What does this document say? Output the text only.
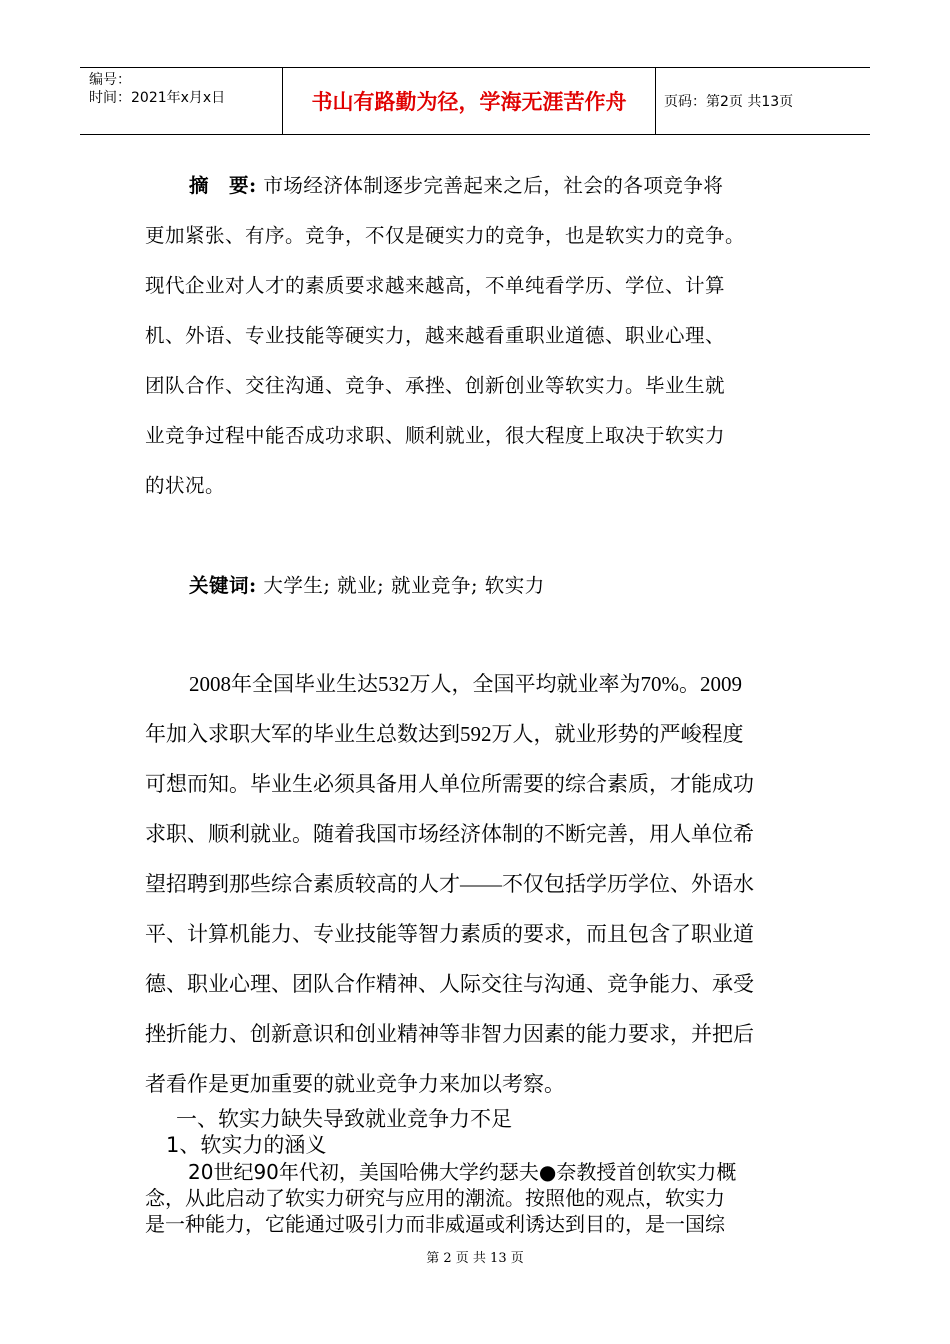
编号：
时间：2021年x月x日	书山有路勤为径，学海无涯苦作舟	页码：第2页 共13页
摘　要: 市场经济体制逐步完善起来之后，社会的各项竞争将
更加紧张、有序。竞争，不仅是硬实力的竞争，也是软实力的竞争。
现代企业对人才的素质要求越来越高，不单纯看学历、学位、计算
机、外语、专业技能等硬实力，越来越看重职业道德、职业心理、
团队合作、交往沟通、竞争、承挫、创新创业等软实力。毕业生就
业竞争过程中能否成功求职、顺利就业，很大程度上取决于软实力
的状况。
关键词: 大学生; 就业; 就业竞争; 软实力
2008年全国毕业生达532万人，全国平均就业率为70%。2009
年加入求职大军的毕业生总数达到592万人，就业形势的严峻程度
可想而知。毕业生必须具备用人单位所需要的综合素质，才能成功
求职、顺利就业。随着我国市场经济体制的不断完善，用人单位希
望招聘到那些综合素质较高的人才——不仅包括学历学位、外语水
平、计算机能力、专业技能等智力素质的要求，而且包含了职业道
德、职业心理、团队合作精神、人际交往与沟通、竞争能力、承受
挫折能力、创新意识和创业精神等非智力因素的能力要求，并把后
者看作是更加重要的就业竞争力来加以考察。
一、软实力缺失导致就业竞争力不足
1、软实力的涵义
20世纪90年代初，美国哈佛大学约瑟夫●奈教授首创软实力概
念，从此启动了软实力研究与应用的潮流。按照他的观点，软实力
是一种能力，它能通过吸引力而非威逼或利诱达到目的，是一国综
第 2 页 共 13 页
